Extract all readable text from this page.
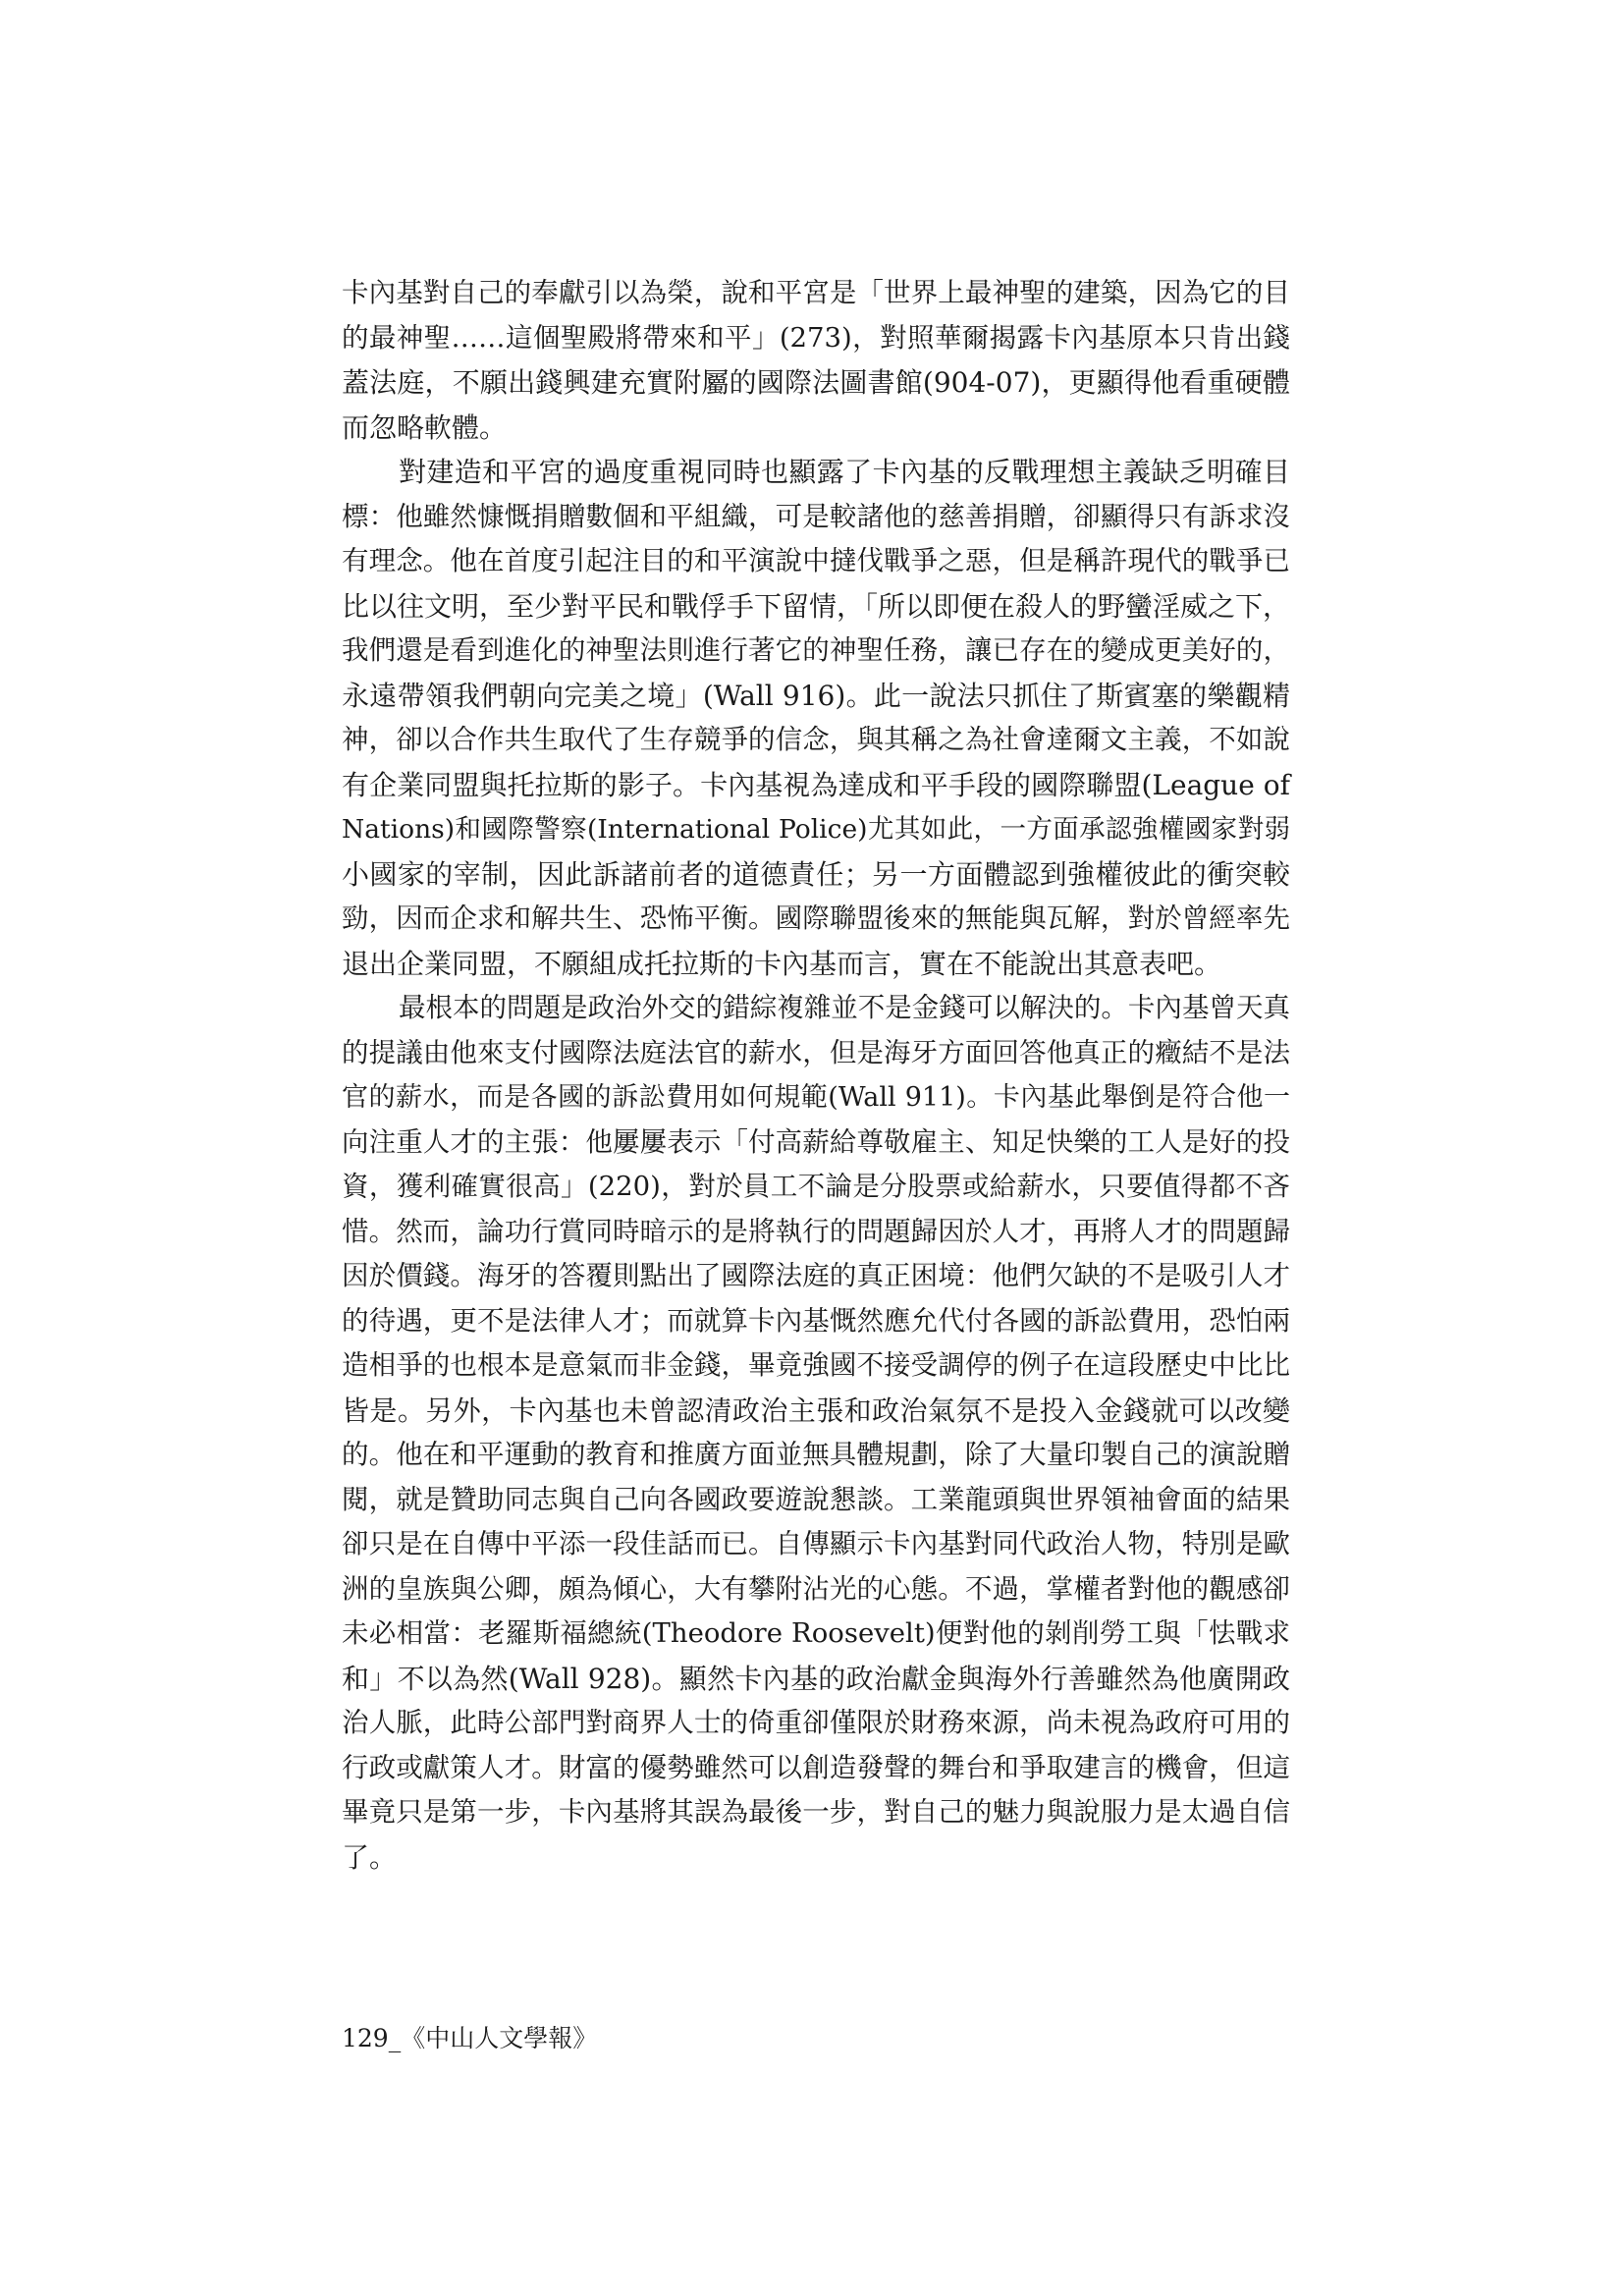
卡內基對自己的奉獻引以為榮，說和平宮是「世界上最神聖的建築，因為它的目
的最神聖……這個聖殿將帶來和平」(273)，對照華爾揭露卡內基原本只肯出錢
蓋法庭，不願出錢興建充實附屬的國際法圖書館(904-07)，更顯得他看重硬體
而忽略軟體。
對建造和平宮的過度重視同時也顯露了卡內基的反戰理想主義缺乏明確目
標：他雖然慷慨捐贈數個和平組織，可是較諸他的慈善捐贈，卻顯得只有訴求沒
有理念。他在首度引起注目的和平演說中撻伐戰爭之惡，但是稱許現代的戰爭已
比以往文明，至少對平民和戰俘手下留情，「所以即便在殺人的野蠻淫威之下，
我們還是看到進化的神聖法則進行著它的神聖任務，讓已存在的變成更美好的，
永遠帶領我們朝向完美之境」(Wall 916)。此一說法只抓住了斯賓塞的樂觀精
神，卻以合作共生取代了生存競爭的信念，與其稱之為社會達爾文主義，不如說
有企業同盟與托拉斯的影子。卡內基視為達成和平手段的國際聯盟(League of
Nations)和國際警察(International Police)尤其如此，一方面承認強權國家對弱
小國家的宰制，因此訴諸前者的道德責任；另一方面體認到強權彼此的衝突較
勁，因而企求和解共生、恐怖平衡。國際聯盟後來的無能與瓦解，對於曾經率先
退出企業同盟，不願組成托拉斯的卡內基而言，實在不能說出其意表吧。
最根本的問題是政治外交的錯綜複雜並不是金錢可以解決的。卡內基曾天真
的提議由他來支付國際法庭法官的薪水，但是海牙方面回答他真正的癥結不是法
官的薪水，而是各國的訴訟費用如何規範(Wall 911)。卡內基此舉倒是符合他一
向注重人才的主張：他屢屢表示「付高薪給尊敬雇主、知足快樂的工人是好的投
資，獲利確實很高」(220)，對於員工不論是分股票或給薪水，只要值得都不吝
惜。然而，論功行賞同時暗示的是將執行的問題歸因於人才，再將人才的問題歸
因於價錢。海牙的答覆則點出了國際法庭的真正困境：他們欠缺的不是吸引人才
的待遇，更不是法律人才；而就算卡內基慨然應允代付各國的訴訟費用，恐怕兩
造相爭的也根本是意氣而非金錢，畢竟強國不接受調停的例子在這段歷史中比比
皆是。另外，卡內基也未曾認清政治主張和政治氣氛不是投入金錢就可以改變
的。他在和平運動的教育和推廣方面並無具體規劃，除了大量印製自己的演說贈
閱，就是贊助同志與自己向各國政要遊說懇談。工業龍頭與世界領袖會面的結果
卻只是在自傳中平添一段佳話而已。自傳顯示卡內基對同代政治人物，特別是歐
洲的皇族與公卿，頗為傾心，大有攀附沾光的心態。不過，掌權者對他的觀感卻
未必相當：老羅斯福總統(Theodore Roosevelt)便對他的剝削勞工與「怯戰求
和」不以為然(Wall 928)。顯然卡內基的政治獻金與海外行善雖然為他廣開政
治人脈，此時公部門對商界人士的倚重卻僅限於財務來源，尚未視為政府可用的
行政或獻策人才。財富的優勢雖然可以創造發聲的舞台和爭取建言的機會，但這
畢竟只是第一步，卡內基將其誤為最後一步，對自己的魅力與說服力是太過自信
了。
129_《中山人文學報》
